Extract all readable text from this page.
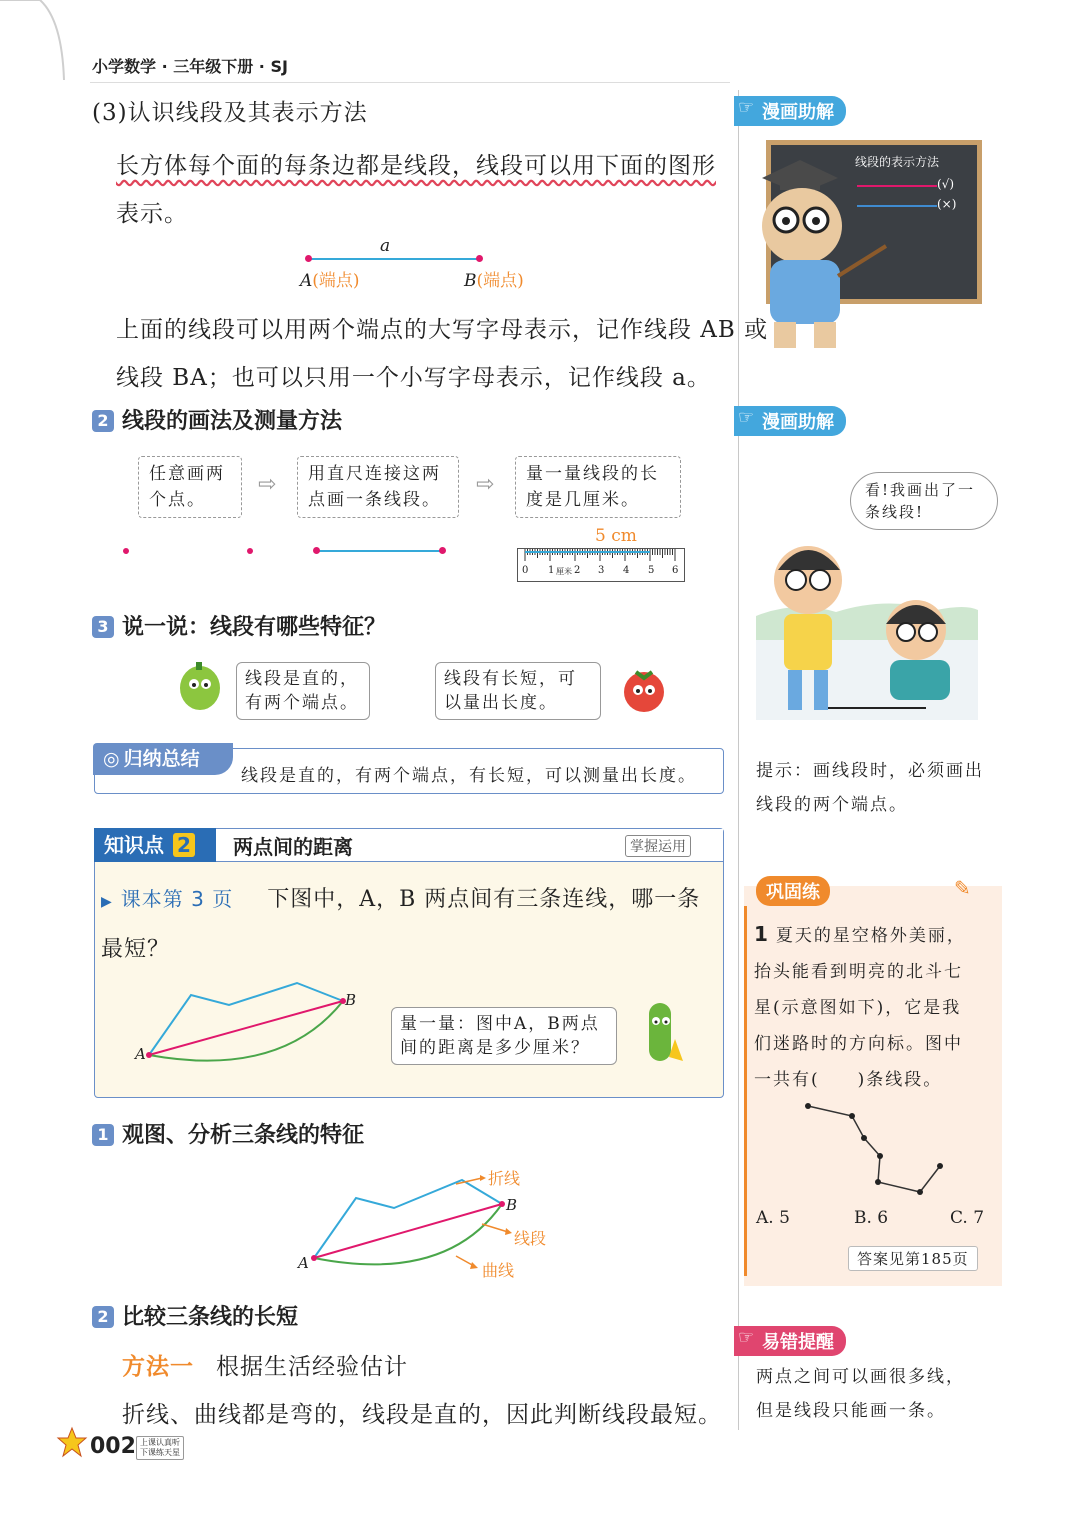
小学数学 · 三年级下册 · SJ
(3)认识线段及其表示方法
长方体每个面的每条边都是线段，线段可以用下面的图形
表示。
a
A(端点)	B(端点)
上面的线段可以用两个端点的大写字母表示，记作线段 AB 或
线段 BA；也可以只用一个小写字母表示，记作线段 a。
2 线段的画法及测量方法
任意画两个点。
⇨	用直尺连接这两点画一条线段。
⇨	量一量线段的长度是几厘米。
5 cm
0 1 厘米 2 3 4 5 6
3 说一说：线段有哪些特征？
线段是直的，有两个端点。
线段有长短，可以量出长度。
◎ 归纳总结
线段是直的，有两个端点，有长短，可以测量出长度。
知识点 2	两点间的距离	掌握运用
▶ 课本第 3 页 下图中，A，B 两点间有三条连线，哪一条
最短？
A
B
量一量：图中A，B两点间的距离是多少厘米？
1 观图、分析三条线的特征
折线
B
线段
A	曲线
2 比较三条线的长短
方法一 根据生活经验估计
折线、曲线都是弯的，线段是直的，因此判断线段最短。
002 上课认真听
下课练天星
☞ 漫画助解
线段的表示方法
(√)
(×)
☞ 漫画助解
看!我画出了一条线段!
提示：画线段时，必须画出
线段的两个端点。
巩固练	✎
1 夏天的星空格外美丽，
抬头能看到明亮的北斗七
星(示意图如下)，它是我
们迷路时的方向标。图中
一共有(　　)条线段。
A. 5	B. 6	C. 7
答案见第185页
☞ 易错提醒
两点之间可以画很多线，
但是线段只能画一条。
